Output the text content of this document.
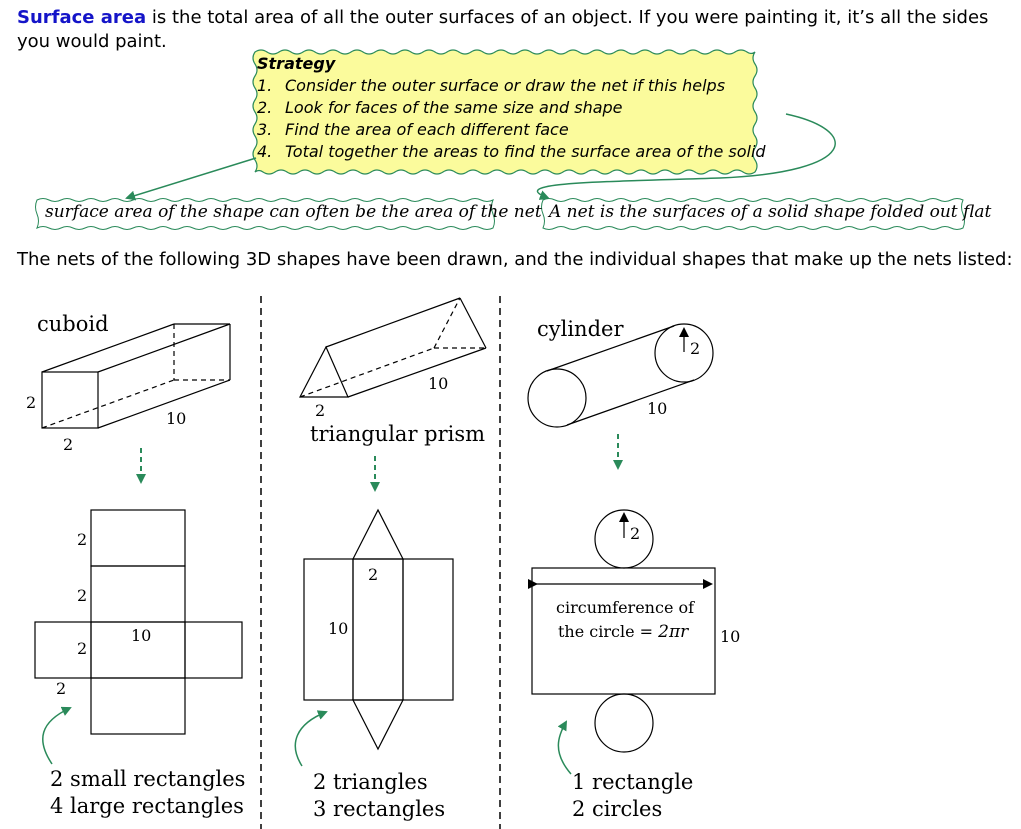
Surface area is the total area of all the outer surfaces of an object. If you were painting it, it’s all the sides you would paint.

cuboid
2
2
10
2
2
2
2
10
2 small rectangles
4 large rectangles
2
10
triangular prism
2
10
2 triangles
3 rectangles
cylinder
2
10
2
circumference of
the circle = 2πr 10
1 rectangle
2 circles
Strategy
1. Consider the outer surface or draw the net if this helps
2. Look for faces of the same size and shape
3. Find the area of each different face
4. Total together the areas to find the surface area of the solid
surface area of the shape can often be the area of the net A net is the surfaces of a solid shape folded out flat

The nets of the following 3D shapes have been drawn, and the individual shapes that make up the nets listed:
